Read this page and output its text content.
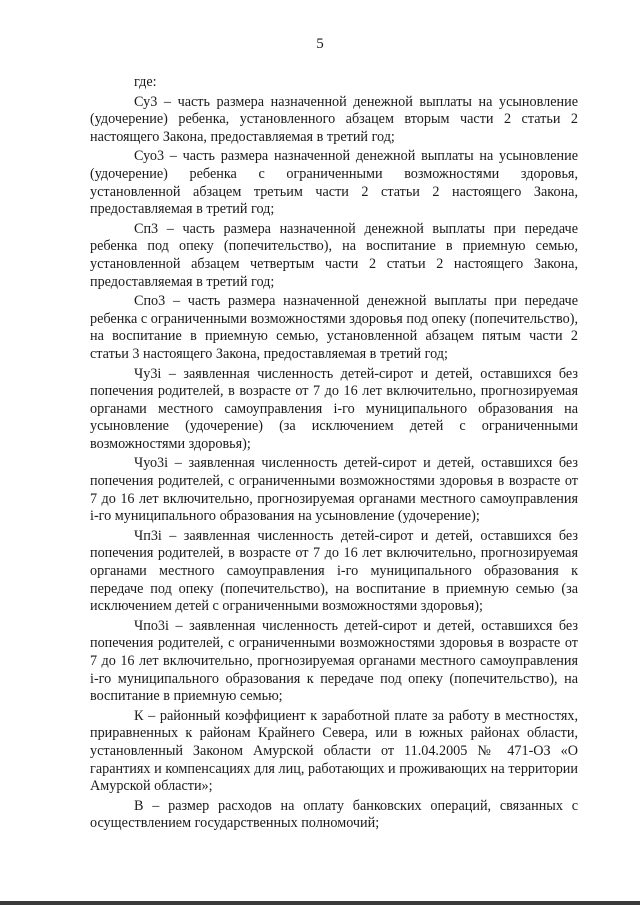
5

где:

Су3 – часть размера назначенной денежной выплаты на усыновление (удочерение) ребенка, установленного абзацем вторым части 2 статьи 2 настоящего Закона, предоставляемая в третий год;

Суо3 – часть размера назначенной денежной выплаты на усыновление (удочерение) ребенка с ограниченными возможностями здоровья, установленной абзацем третьим части 2 статьи 2 настоящего Закона, предоставляемая в третий год;

Сп3 – часть размера назначенной денежной выплаты при передаче ребенка под опеку (попечительство), на воспитание в приемную семью, установленной абзацем четвертым части 2 статьи 2 настоящего Закона, предоставляемая в третий год;

Спо3 – часть размера назначенной денежной выплаты при передаче ребенка с ограниченными возможностями здоровья под опеку (попечительство), на воспитание в приемную семью, установленной абзацем пятым части 2 статьи 3 настоящего Закона, предоставляемая в третий год;

Чу3i – заявленная численность детей-сирот и детей, оставшихся без попечения родителей, в возрасте от 7 до 16 лет включительно, прогнозируемая органами местного самоуправления i-го муниципального образования на усыновление (удочерение) (за исключением детей с ограниченными возможностями здоровья);

Чуо3i – заявленная численность детей-сирот и детей, оставшихся без попечения родителей, с ограниченными возможностями здоровья в возрасте от 7 до 16 лет включительно, прогнозируемая органами местного самоуправления i-го муниципального образования на усыновление (удочерение);

Чп3i – заявленная численность детей-сирот и детей, оставшихся без попечения родителей, в возрасте от 7 до 16 лет включительно, прогнозируемая органами местного самоуправления i-го муниципального образования к передаче под опеку (попечительство), на воспитание в приемную семью (за исключением детей с ограниченными возможностями здоровья);

Чпо3i – заявленная численность детей-сирот и детей, оставшихся без попечения родителей, с ограниченными возможностями здоровья в возрасте от 7 до 16 лет включительно, прогнозируемая органами местного самоуправления i-го муниципального образования к передаче под опеку (попечительство), на воспитание в приемную семью;

К – районный коэффициент к заработной плате за работу в местностях, приравненных к районам Крайнего Севера, или в южных районах области, установленный Законом Амурской области от 11.04.2005 № 471-ОЗ «О гарантиях и компенсациях для лиц, работающих и проживающих на территории Амурской области»;

В – размер расходов на оплату банковских операций, связанных с осуществлением государственных полномочий;
